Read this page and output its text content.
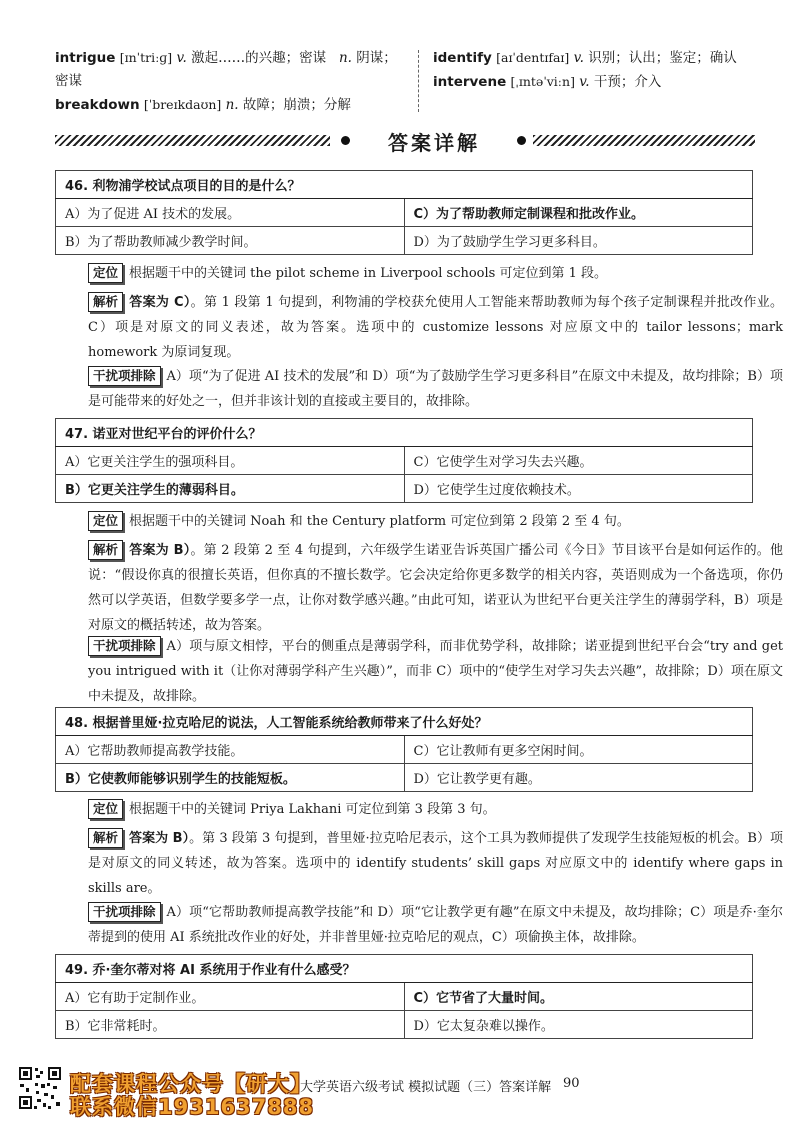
intrigue [ɪnˈtriːɡ] v. 激起……的兴趣；密谋 n. 阴谋；
密谋
breakdown [ˈbreɪkdaʊn] n. 故障；崩溃；分解
identify [aɪˈdentɪfaɪ] v. 识别；认出；鉴定；确认
intervene [ˌɪntəˈviːn] v. 干预；介入
答案详解
46. 利物浦学校试点项目的目的是什么？	
A）为了促进 AI 技术的发展。	C）为了帮助教师定制课程和批改作业。
B）为了帮助教师减少教学时间。	D）为了鼓励学生学习更多科目。
定位 根据题干中的关键词 the pilot scheme in Liverpool schools 可定位到第 1 段。
解析 答案为 C）。第 1 段第 1 句提到，利物浦的学校获允使用人工智能来帮助教师为每个孩子定制课程并批改作业。C）项是对原文的同义表述，故为答案。选项中的 customize lessons 对应原文中的 tailor lessons；mark homework 为原词复现。
干扰项排除 A）项“为了促进 AI 技术的发展”和 D）项“为了鼓励学生学习更多科目”在原文中未提及，故均排除；B）项是可能带来的好处之一，但并非该计划的直接或主要目的，故排除。
47. 诺亚对世纪平台的评价什么？	
A）它更关注学生的强项科目。	C）它使学生对学习失去兴趣。
B）它更关注学生的薄弱科目。	D）它使学生过度依赖技术。
定位 根据题干中的关键词 Noah 和 the Century platform 可定位到第 2 段第 2 至 4 句。
解析 答案为 B）。第 2 段第 2 至 4 句提到，六年级学生诺亚告诉英国广播公司《今日》节目该平台是如何运作的。他说：“假设你真的很擅长英语，但你真的不擅长数学。它会决定给你更多数学的相关内容，英语则成为一个备选项，你仍然可以学英语，但数学要多学一点，让你对数学感兴趣。”由此可知，诺亚认为世纪平台更关注学生的薄弱学科，B）项是对原文的概括转述，故为答案。
干扰项排除 A）项与原文相悖，平台的侧重点是薄弱学科，而非优势学科，故排除；诺亚提到世纪平台会“try and get you intrigued with it（让你对薄弱学科产生兴趣）”，而非 C）项中的“使学生对学习失去兴趣”，故排除；D）项在原文中未提及，故排除。
48. 根据普里娅·拉克哈尼的说法，人工智能系统给教师带来了什么好处？	
A）它帮助教师提高教学技能。	C）它让教师有更多空闲时间。
B）它使教师能够识别学生的技能短板。	D）它让教学更有趣。
定位 根据题干中的关键词 Priya Lakhani 可定位到第 3 段第 3 句。
解析 答案为 B）。第 3 段第 3 句提到，普里娅·拉克哈尼表示，这个工具为教师提供了发现学生技能短板的机会。B）项是对原文的同义转述，故为答案。选项中的 identify students’ skill gaps 对应原文中的 identify where gaps in skills are。
干扰项排除 A）项“它帮助教师提高教学技能”和 D）项“它让教学更有趣”在原文中未提及，故均排除；C）项是乔·奎尔蒂提到的使用 AI 系统批改作业的好处，并非普里娅·拉克哈尼的观点，C）项偷换主体，故排除。
49. 乔·奎尔蒂对将 AI 系统用于作业有什么感受？	
A）它有助于定制作业。	C）它节省了大量时间。
B）它非常耗时。	D）它太复杂难以操作。
配套课程公众号【研大】
联系微信1931637888
大学英语六级考试 模拟试题（三）答案详解 90
